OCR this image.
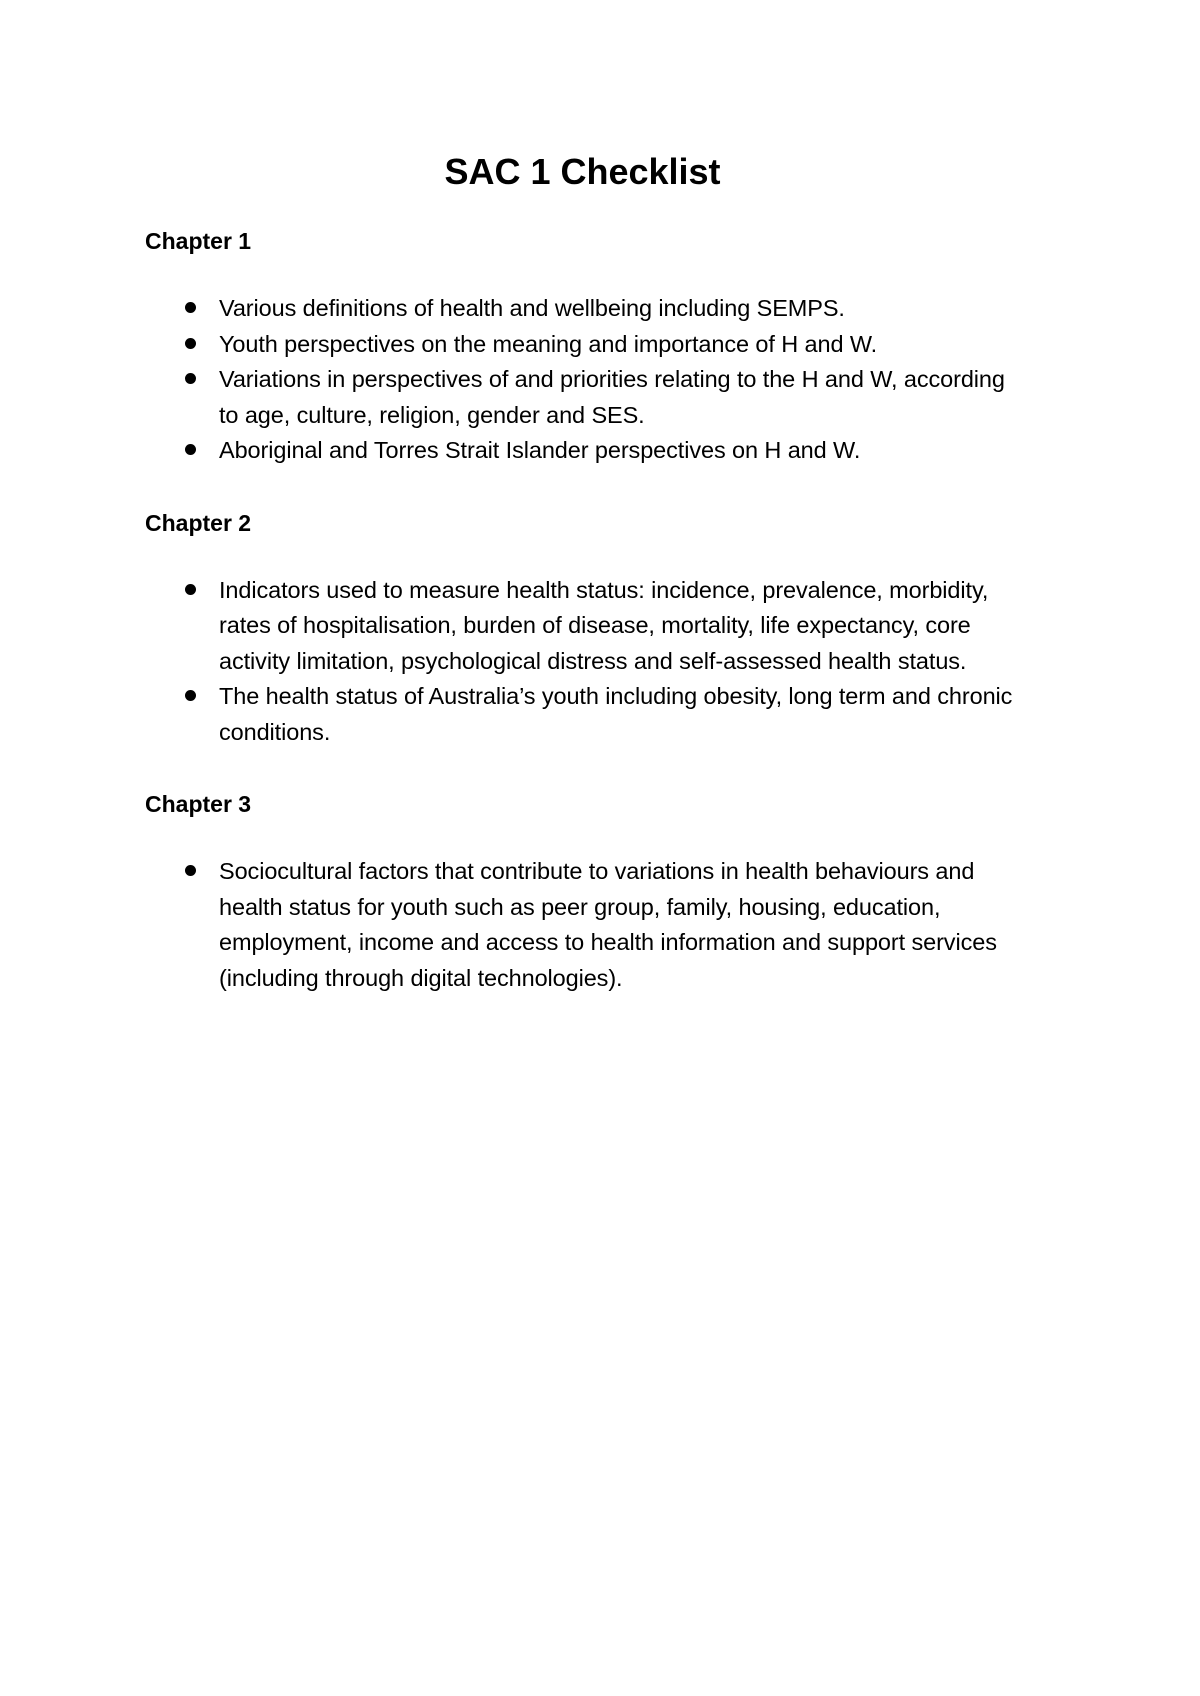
SAC 1 Checklist
Chapter 1
Various definitions of health and wellbeing including SEMPS.
Youth perspectives on the meaning and importance of H and W.
Variations in perspectives of and priorities relating to the H and W, according to age, culture, religion, gender and SES.
Aboriginal and Torres Strait Islander perspectives on H and W.
Chapter 2
Indicators used to measure health status: incidence, prevalence, morbidity, rates of hospitalisation, burden of disease, mortality, life expectancy, core activity limitation, psychological distress and self-assessed health status.
The health status of Australia’s youth including obesity, long term and chronic conditions.
Chapter 3
Sociocultural factors that contribute to variations in health behaviours and health status for youth such as peer group, family, housing, education, employment, income and access to health information and support services (including through digital technologies).
